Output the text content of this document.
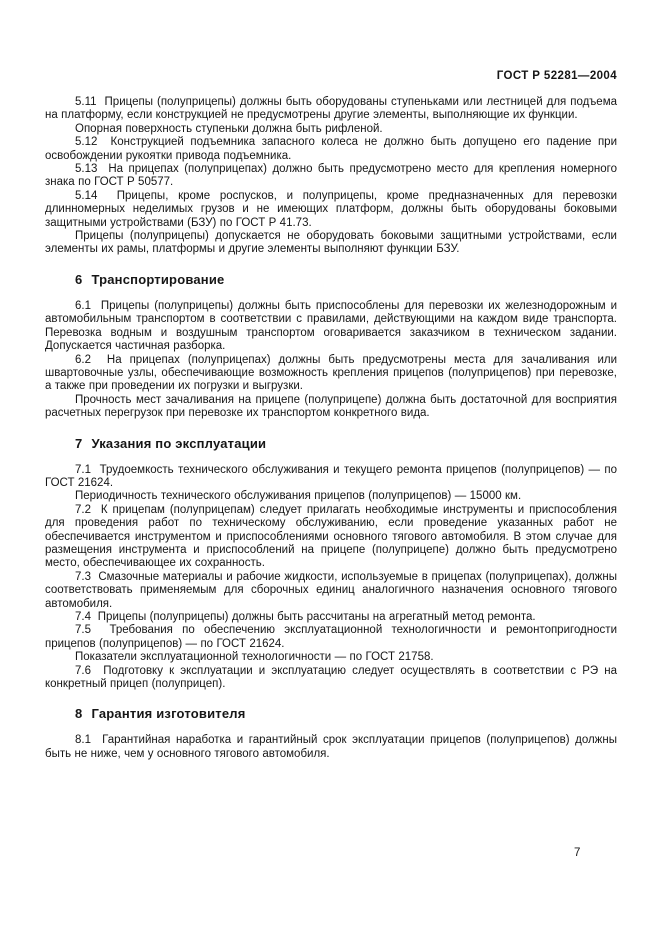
ГОСТ Р 52281—2004

5.11  Прицепы (полуприцепы) должны быть оборудованы ступеньками или лестницей для подъема на платформу, если конструкцией не предусмотрены другие элементы, выполняющие их функции.

Опорная поверхность ступеньки должна быть рифленой.

5.12  Конструкцией подъемника запасного колеса не должно быть допущено его падение при освобождении рукоятки привода подъемника.

5.13  На прицепах (полуприцепах) должно быть предусмотрено место для крепления номерного знака по ГОСТ Р 50577.

5.14  Прицепы, кроме роспусков, и полуприцепы, кроме предназначенных для перевозки длинномерных неделимых грузов и не имеющих платформ, должны быть оборудованы боковыми защитными устройствами (БЗУ) по ГОСТ Р 41.73.

Прицепы (полуприцепы) допускается не оборудовать боковыми защитными устройствами, если элементы их рамы, платформы и другие элементы выполняют функции БЗУ.

6 Транспортирование

6.1  Прицепы (полуприцепы) должны быть приспособлены для перевозки их железнодорожным и автомобильным транспортом в соответствии с правилами, действующими на каждом виде транспорта. Перевозка водным и воздушным транспортом оговаривается заказчиком в техническом задании. Допускается частичная разборка.

6.2  На прицепах (полуприцепах) должны быть предусмотрены места для зачаливания или швартовочные узлы, обеспечивающие возможность крепления прицепов (полуприцепов) при перевозке, а также при проведении их погрузки и выгрузки.

Прочность мест зачаливания на прицепе (полуприцепе) должна быть достаточной для восприятия расчетных перегрузок при перевозке их транспортом конкретного вида.

7 Указания по эксплуатации

7.1  Трудоемкость технического обслуживания и текущего ремонта прицепов (полуприцепов) — по ГОСТ 21624.

Периодичность технического обслуживания прицепов (полуприцепов) — 15000 км.

7.2  К прицепам (полуприцепам) следует прилагать необходимые инструменты и приспособления для проведения работ по техническому обслуживанию, если проведение указанных работ не обеспечивается инструментом и приспособлениями основного тягового автомобиля. В этом случае для размещения инструмента и приспособлений на прицепе (полуприцепе) должно быть предусмотрено место, обеспечивающее их сохранность.

7.3  Смазочные материалы и рабочие жидкости, используемые в прицепах (полуприцепах), должны соответствовать применяемым для сборочных единиц аналогичного назначения основного тягового автомобиля.

7.4  Прицепы (полуприцепы) должны быть рассчитаны на агрегатный метод ремонта.

7.5  Требования по обеспечению эксплуатационной технологичности и ремонтопригодности прицепов (полуприцепов) — по ГОСТ 21624.

Показатели эксплуатационной технологичности — по ГОСТ 21758.

7.6  Подготовку к эксплуатации и эксплуатацию следует осуществлять в соответствии с РЭ на конкретный прицеп (полуприцеп).

8 Гарантия изготовителя

8.1  Гарантийная наработка и гарантийный срок эксплуатации прицепов (полуприцепов) должны быть не ниже, чем у основного тягового автомобиля.

7
